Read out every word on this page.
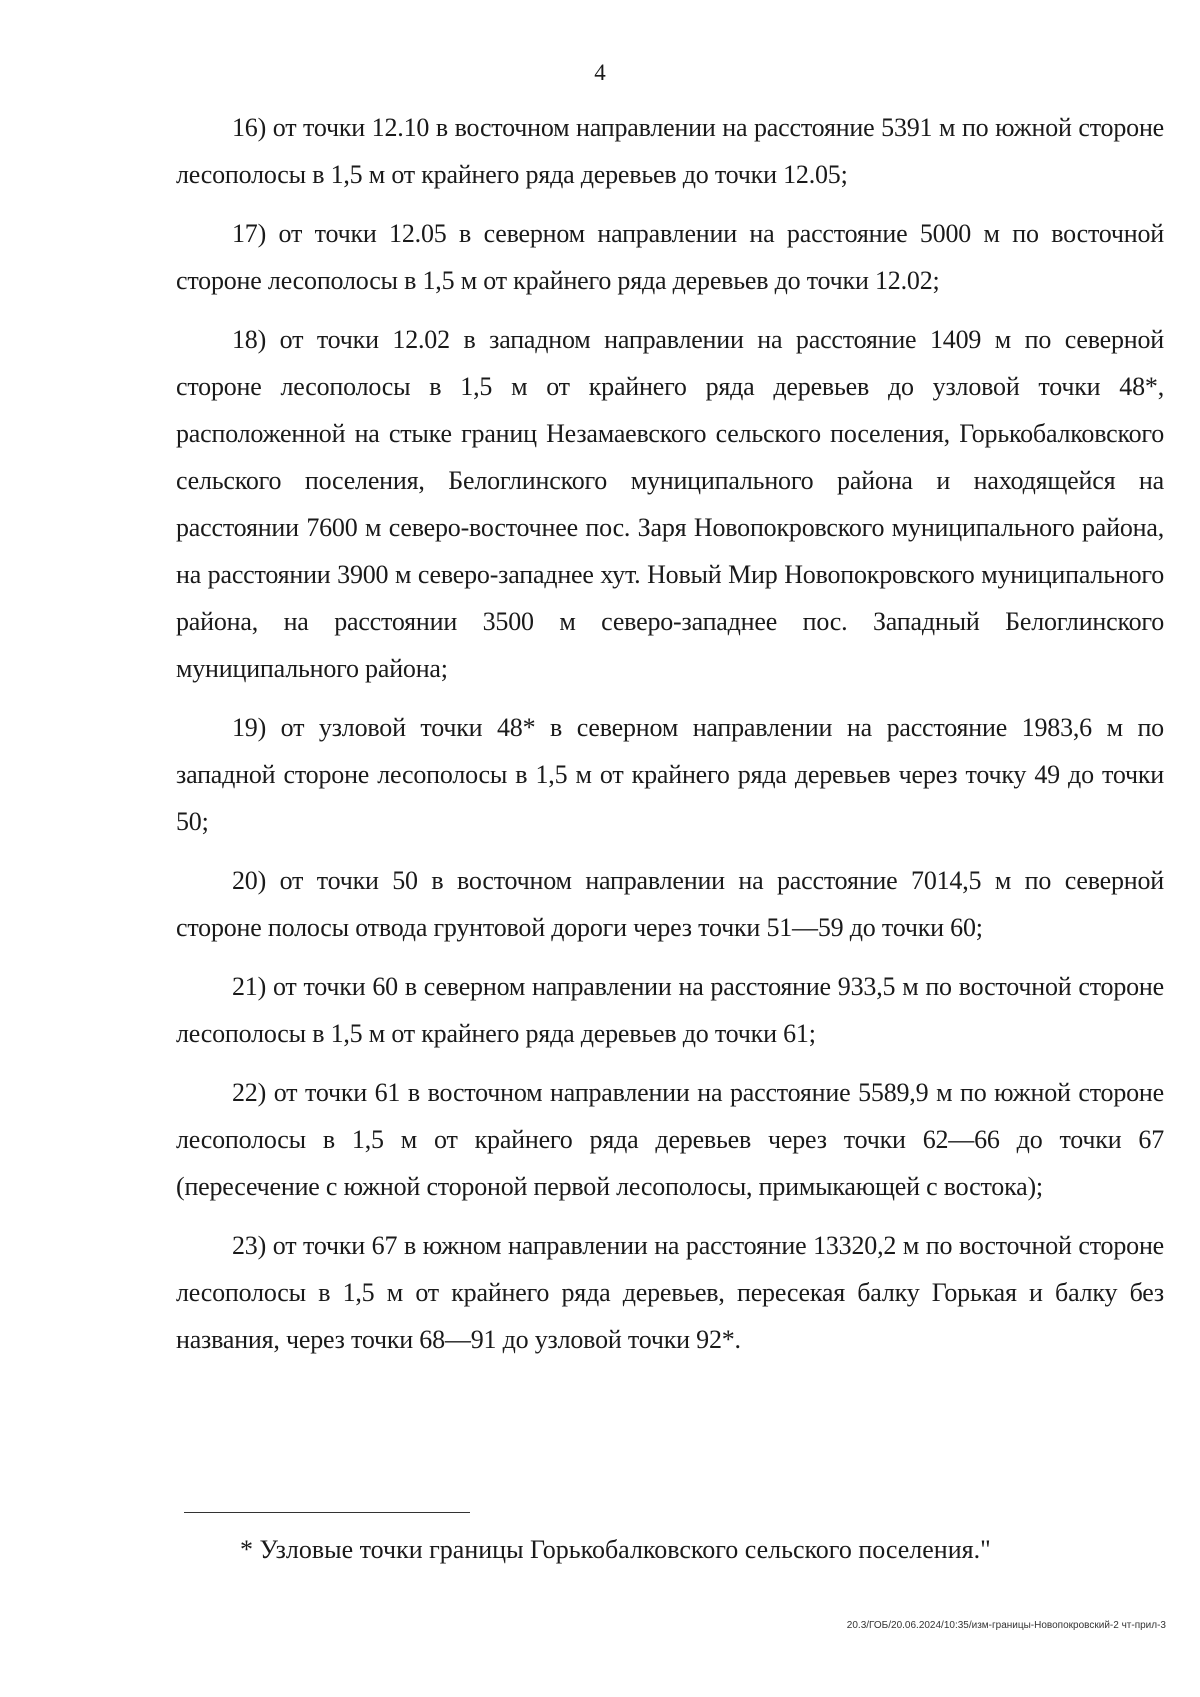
4

16) от точки 12.10 в восточном направлении на расстояние 5391 м по южной стороне лесополосы в 1,5 м от крайнего ряда деревьев до точки 12.05;

17) от точки 12.05 в северном направлении на расстояние 5000 м по восточной стороне лесополосы в 1,5 м от крайнего ряда деревьев до точки 12.02;

18) от точки 12.02 в западном направлении на расстояние 1409 м по северной стороне лесополосы в 1,5 м от крайнего ряда деревьев до узловой точки 48*, расположенной на стыке границ Незамаевского сельского поселения, Горькобалковского сельского поселения, Белоглинского муниципального района и находящейся на расстоянии 7600 м северо-восточнее пос. Заря Новопокровского муниципального района, на расстоянии 3900 м северо-западнее хут. Новый Мир Новопокровского муниципального района, на расстоянии 3500 м северо-западнее пос. Западный Белоглинского муниципального района;

19) от узловой точки 48* в северном направлении на расстояние 1983,6 м по западной стороне лесополосы в 1,5 м от крайнего ряда деревьев через точку 49 до точки 50;

20) от точки 50 в восточном направлении на расстояние 7014,5 м по северной стороне полосы отвода грунтовой дороги через точки 51—59 до точки 60;

21) от точки 60 в северном направлении на расстояние 933,5 м по восточной стороне лесополосы в 1,5 м от крайнего ряда деревьев до точки 61;

22) от точки 61 в восточном направлении на расстояние 5589,9 м по южной стороне лесополосы в 1,5 м от крайнего ряда деревьев через точки 62—66 до точки 67 (пересечение с южной стороной первой лесополосы, примыкающей с востока);

23) от точки 67 в южном направлении на расстояние 13320,2 м по восточной стороне лесополосы в 1,5 м от крайнего ряда деревьев, пересекая балку Горькая и балку без названия, через точки 68—91 до узловой точки 92*.

* Узловые точки границы Горькобалковского сельского поселения."
20.3/ГОБ/20.06.2024/10:35/изм-границы-Новопокровский-2 чт-прил-3
